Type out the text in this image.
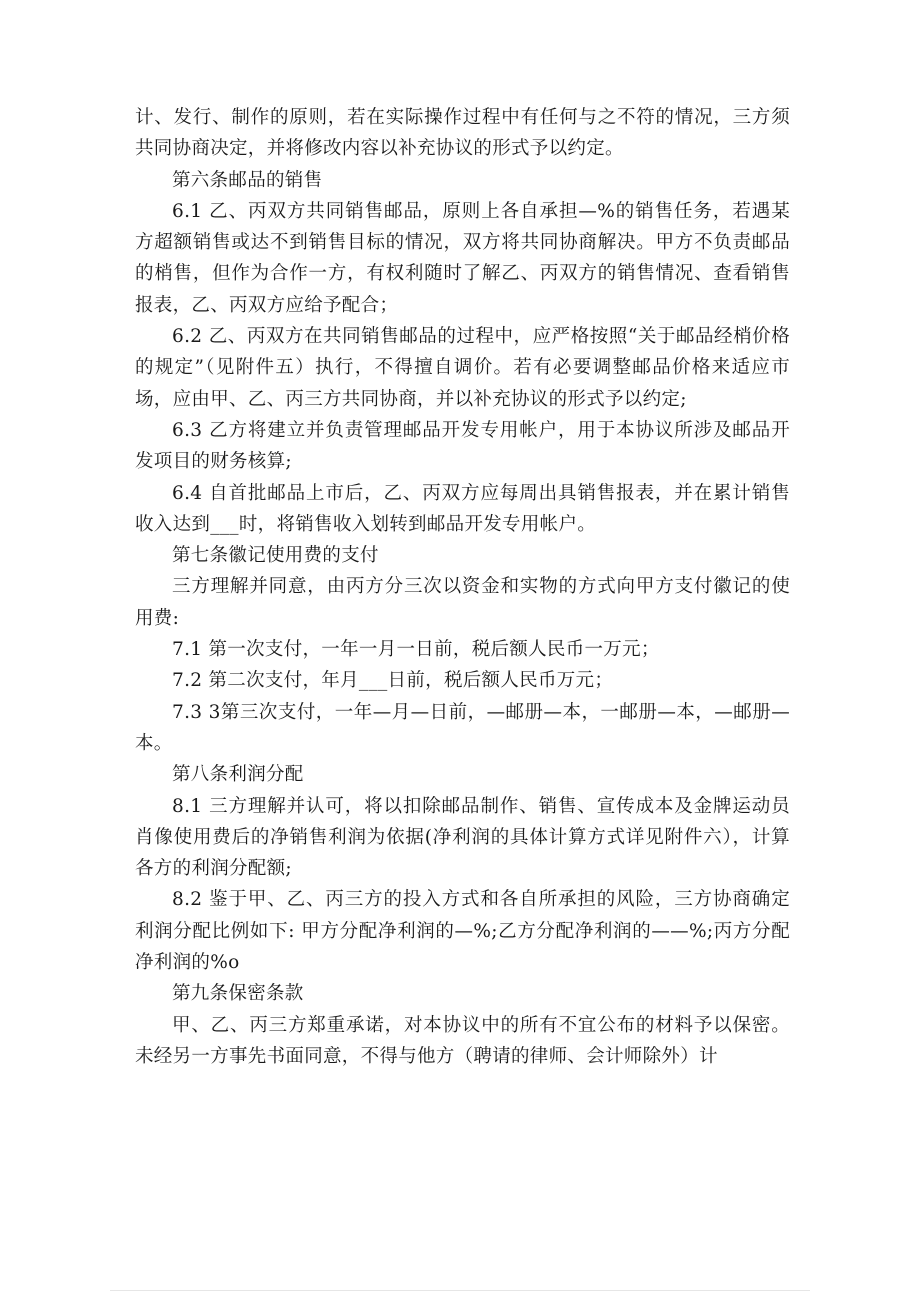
计、发行、制作的原则，若在实际操作过程中有任何与之不符的情况，三方须共同协商决定，并将修改内容以补充协议的形式予以约定。

第六条邮品的销售

6.1 乙、丙双方共同销售邮品，原则上各自承担—%的销售任务，若遇某方超额销售或达不到销售目标的情况，双方将共同协商解决。甲方不负责邮品的梢售，但作为合作一方，有权利随时了解乙、丙双方的销售情况、查看销售报表，乙、丙双方应给予配合；

6.2 乙、丙双方在共同销售邮品的过程中，应严格按照“关于邮品经梢价格的规定”（见附件五）执行，不得擅自调价。若有必要调整邮品价格来适应市场，应由甲、乙、丙三方共同协商，并以补充协议的形式予以约定;

6.3 乙方将建立并负责管理邮品开发专用帐户，用于本协议所涉及邮品开发项目的财务核算;

6.4 自首批邮品上市后，乙、丙双方应每周出具销售报表，并在累计销售收入达到___时，将销售收入划转到邮品开发专用帐户。

第七条徽记使用费的支付

三方理解并同意，由丙方分三次以资金和实物的方式向甲方支付徽记的使用费:

7.1 第一次支付，一年一月一日前，税后额人民币一万元；

7.2 第二次支付，年月___日前，税后额人民币万元；

7.3 3第三次支付，一年—月—日前，—邮册—本，一邮册—本，—邮册—本。

第八条利润分配

8.1 三方理解并认可，将以扣除邮品制作、销售、宣传成本及金牌运动员肖像使用费后的净销售利润为依据(净利润的具体计算方式详见附件六），计算各方的利润分配额;

8.2 鉴于甲、乙、丙三方的投入方式和各自所承担的风险，三方协商确定利润分配比例如下: 甲方分配净利润的—%;乙方分配净利润的——%;丙方分配净利润的%o

第九条保密条款

甲、乙、丙三方郑重承诺，对本协议中的所有不宜公布的材料予以保密。未经另一方事先书面同意，不得与他方（聘请的律师、会计师除外）计
